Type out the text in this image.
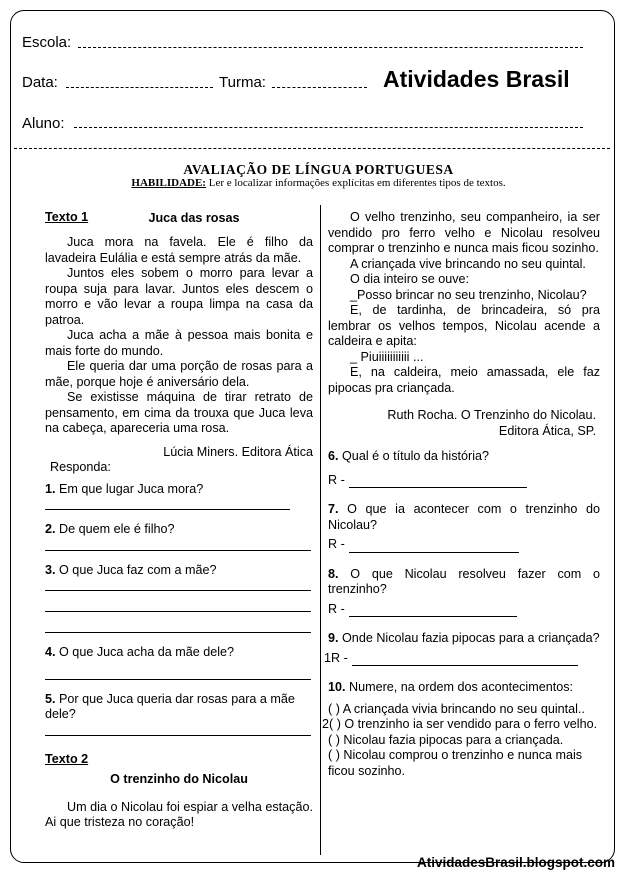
Escola:
Data:	Turma:	Atividades Brasil
Aluno:
AVALIAÇÃO DE LÍNGUA PORTUGUESA
HABILIDADE: Ler e localizar informações explícitas em diferentes tipos de textos.

Texto 1	Juca das rosas

Juca mora na favela. Ele é filho da lavadeira Eulália e está sempre atrás da mãe.

Juntos eles sobem o morro para levar a roupa suja para lavar. Juntos eles descem o morro e vão levar a roupa limpa na casa da patroa.

Juca acha a mãe à pessoa mais bonita e mais forte do mundo.

Ele queria dar uma porção de rosas para a mãe, porque hoje é aniversário dela.

Se existisse máquina de tirar retrato de pensamento, em cima da trouxa que Juca leva na cabeça, apareceria uma rosa.

Lúcia Miners. Editora Ática

Responda:

1. Em que lugar Juca mora?

2. De quem ele é filho?

3. O que Juca faz com a mãe?

4. O que Juca acha da mãe dele?

5. Por que Juca queria dar rosas para a mãe dele?

Texto 2

O trenzinho do Nicolau

Um dia o Nicolau foi espiar a velha estação. Ai que tristeza no coração!

O velho trenzinho, seu companheiro, ia ser vendido pro ferro velho e Nicolau resolveu comprar o trenzinho e nunca mais ficou sozinho.

A criançada vive brincando no seu quintal.

O dia inteiro se ouve:

_Posso brincar no seu trenzinho, Nicolau?

E, de tardinha, de brincadeira, só pra lembrar os velhos tempos, Nicolau acende a caldeira e apita:

_ Piuiiiiiiiiiii ...

E, na caldeira, meio amassada, ele faz pipocas pra criançada.

Ruth Rocha. O Trenzinho do Nicolau.

Editora Ática, SP.

6. Qual é o título da história?

R -

7. O que ia acontecer com o trenzinho do Nicolau?

R -

8. O que Nicolau resolveu fazer com o trenzinho?

R -

9. Onde Nicolau fazia pipocas para a criançada?

1R -

10. Numere, na ordem dos acontecimentos:

( ) A criançada vivia brincando no seu quintal..

2( ) O trenzinho ia ser vendido para o ferro velho.

( ) Nicolau fazia pipocas para a criançada.

( ) Nicolau comprou o trenzinho e nunca mais ficou sozinho.

AtividadesBrasil.blogspot.com
